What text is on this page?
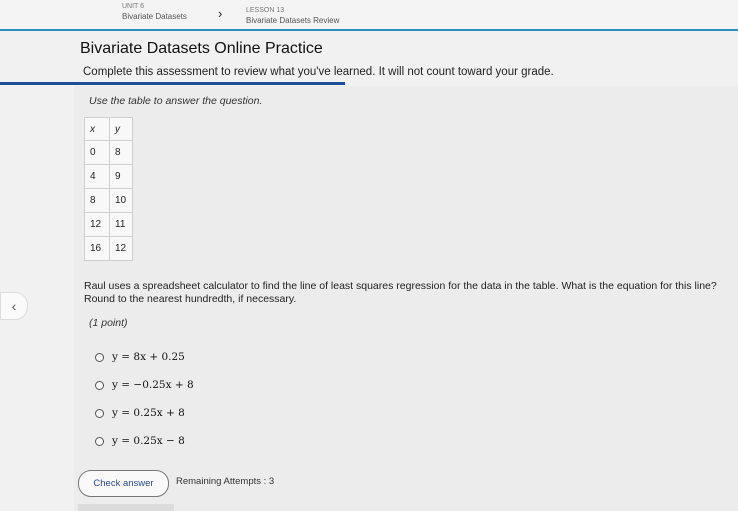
UNIT 6
Bivariate Datasets ›	LESSON 13
Bivariate Datasets Review
Bivariate Datasets Online Practice
Complete this assessment to review what you've learned. It will not count toward your grade.
Use the table to answer the question.
x	y
0	8
4	9
8	10
12	11
16	12
‹
Raul uses a spreadsheet calculator to find the line of least squares regression for the data in the table. What is the equation for this line? Round to the nearest hundredth, if necessary.
(1 point)
y = 8x + 0.25
y = −0.25x + 8
y = 0.25x + 8
y = 0.25x − 8
Check answer	Remaining Attempts : 3
